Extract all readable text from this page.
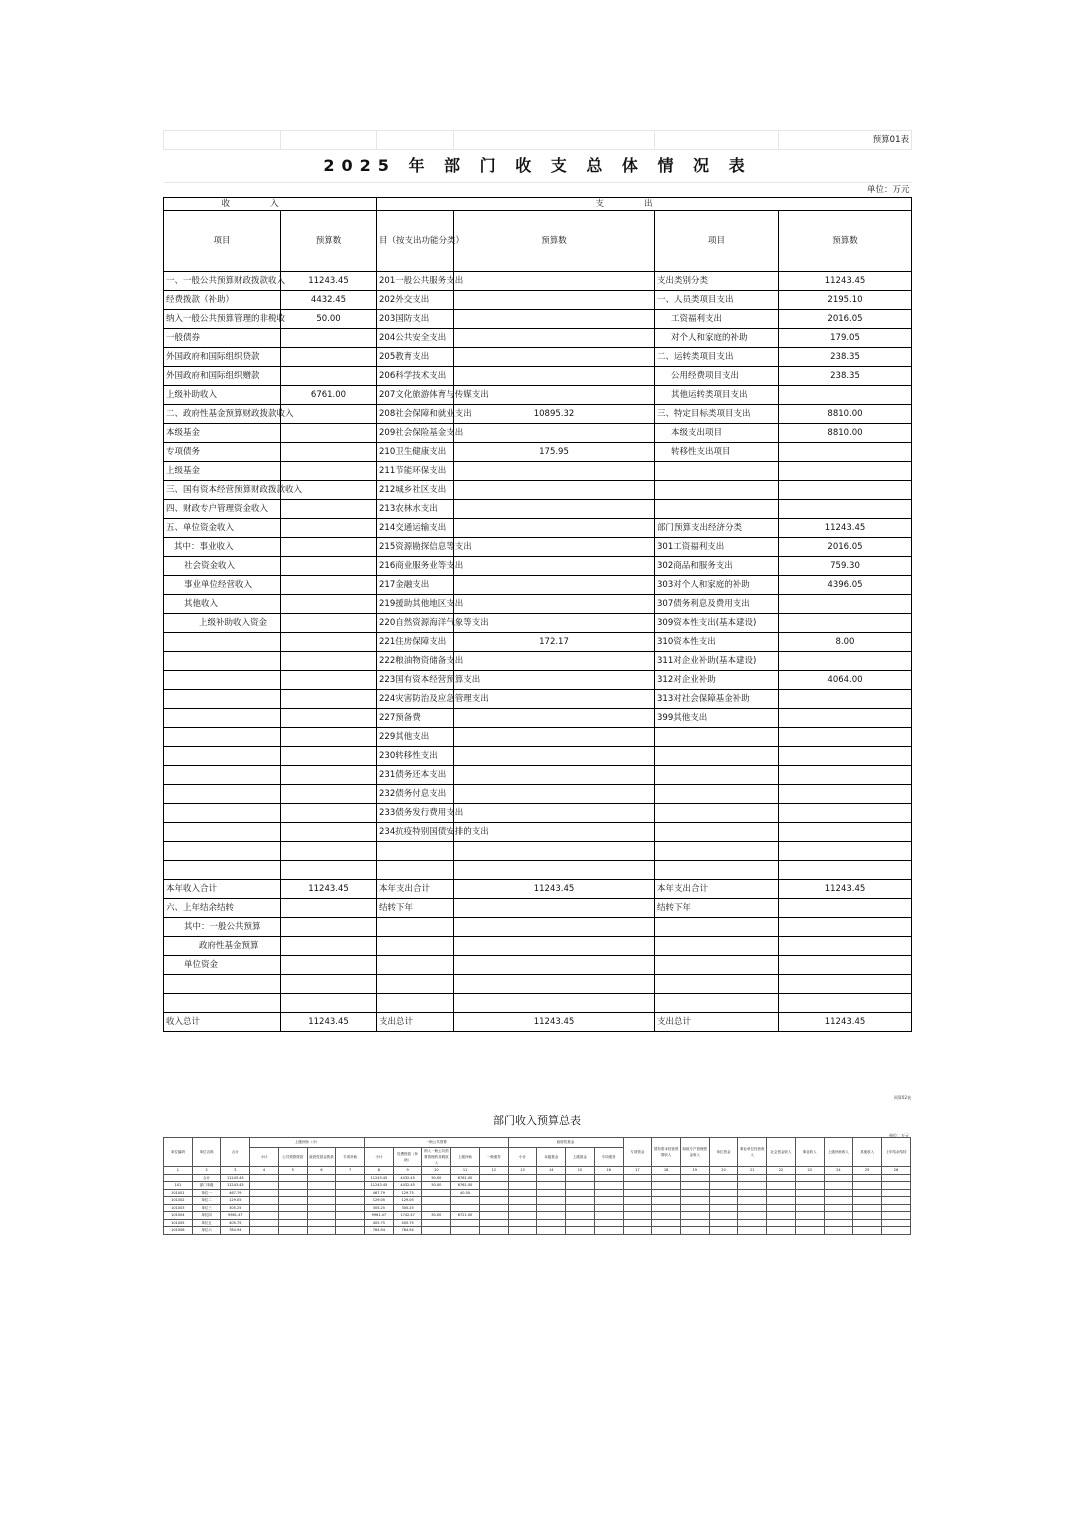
					预算01表
2025 年 部 门 收 支 总 体 情 况 表					
单位：万元					
收入		支出			
项目	预算数	目（按支出功能分类）	预算数	项目	预算数
一、一般公共预算财政拨款收入	11243.45	201一般公共服务支出		支出类别分类	11243.45
经费拨款（补助）	4432.45	202外交支出		一、人员类项目支出	2195.10
纳入一般公共预算管理的非税收	50.00	203国防支出		工资福利支出	2016.05
一般债券		204公共安全支出		对个人和家庭的补助	179.05
外国政府和国际组织贷款		205教育支出		二、运转类项目支出	238.35
外国政府和国际组织赠款		206科学技术支出		公用经费项目支出	238.35
上级补助收入	6761.00	207文化旅游体育与传媒支出		其他运转类项目支出	
二、政府性基金预算财政拨款收入		208社会保障和就业支出	10895.32	三、特定目标类项目支出	8810.00
本级基金		209社会保险基金支出		本级支出项目	8810.00
专项债务		210卫生健康支出	175.95	转移性支出项目	
上级基金		211节能环保支出			
三、国有资本经营预算财政拨款收入		212城乡社区支出			
四、财政专户管理资金收入		213农林水支出			
五、单位资金收入		214交通运输支出		部门预算支出经济分类	11243.45
其中：事业收入		215资源勘探信息等支出		301工资福利支出	2016.05
社会资金收入		216商业服务业等支出		302商品和服务支出	759.30
事业单位经营收入		217金融支出		303对个人和家庭的补助	4396.05
其他收入		219援助其他地区支出		307债务利息及费用支出	
上级补助收入资金		220自然资源海洋气象等支出		309资本性支出(基本建设)	
		221住房保障支出	172.17	310资本性支出	8.00
		222粮油物资储备支出		311对企业补助(基本建设)	
		223国有资本经营预算支出		312对企业补助	4064.00
		224灾害防治及应急管理支出		313对社会保障基金补助	
		227预备费		399其他支出	
		229其他支出			
		230转移性支出			
		231债务还本支出			
		232债务付息支出			
		233债务发行费用支出			
		234抗疫特别国债安排的支出			

本年收入合计	11243.45	本年支出合计	11243.45	本年支出合计	11243.45
六、上年结余结转		结转下年		结转下年	
其中：一般公共预算					
政府性基金预算					
单位资金					

收入总计	11243.45	支出总计	11243.45	支出总计	11243.45
预算02表
部门收入预算总表
单位：万元
单位编码	单位名称	合计	上级补助（小）				一般公共预算					政府性基金				专项资金	国有资本经营预算收入	财政专户管理资金收入	单位资金	事业单位经营收入	社会资金收入	事业收入	上级补助收入	其他收入	上年结余结转
			小计	公共预算拨款	政府性基金拨款	专项补助	小计	经费拨款（补助）	纳入一般公共预算管理的非税收入	上级补助	一般债券	小计	本级基金	上级基金	专项债务										
1	2	3	4	5	6	7	8	9	10	11	12	13	14	15	16	17	18	19	20	21	22	23	24	25	26
	合计	11243.45					11243.45	4432.45	50.00	6761.00															
101	部门本级	11243.45					11243.45	4432.45	50.00	6761.00															
101001	单位一	467.79					467.79	129.75		40.00															
101002	单位二	129.05					129.05	129.05																	
101003	单位三	305.25					305.25	305.25																	
101004	单位四	9961.47					9961.47	1742.47	50.00	6721.00															
101005	单位五	405.75					405.75	405.75																	
101006	单位六	784.94					784.94	784.94																	
